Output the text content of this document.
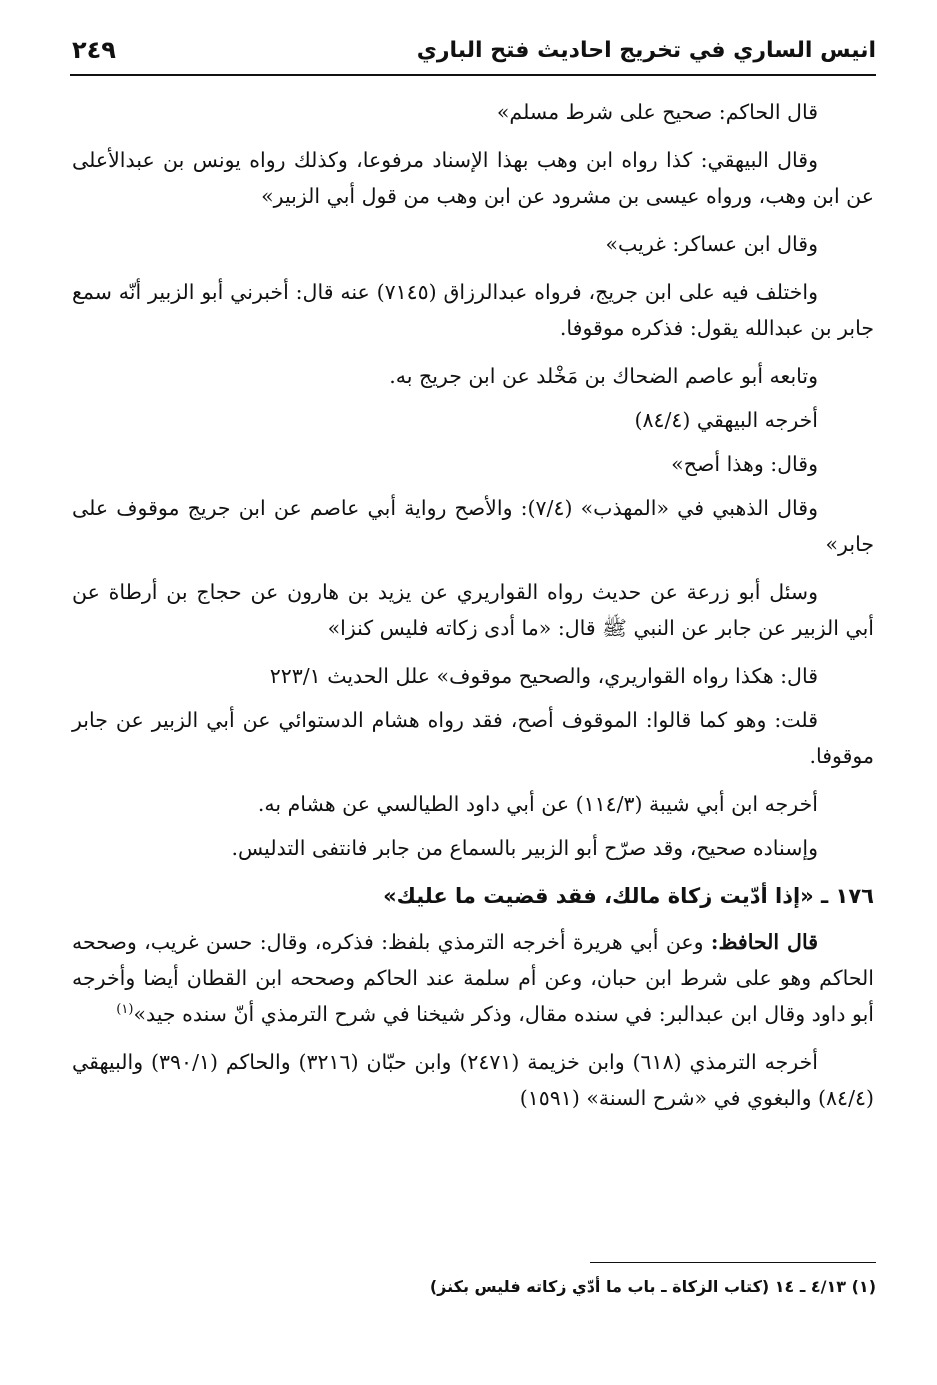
انيس الساري في تخريج احاديث فتح الباري
٢٤٩

قال الحاكم: صحيح على شرط مسلم»

وقال البيهقي: كذا رواه ابن وهب بهذا الإسناد مرفوعا، وكذلك رواه يونس بن عبدالأعلى عن ابن وهب، ورواه عيسى بن مشرود عن ابن وهب من قول أبي الزبير»

وقال ابن عساكر: غريب»

واختلف فيه على ابن جريج، فرواه عبدالرزاق (٧١٤٥) عنه قال: أخبرني أبو الزبير أنّه سمع جابر بن عبدالله يقول: فذكره موقوفا.

وتابعه أبو عاصم الضحاك بن مَخْلد عن ابن جريج به.

أخرجه البيهقي (٨٤/٤)

وقال: وهذا أصح»

وقال الذهبي في «المهذب» (٧/٤): والأصح رواية أبي عاصم عن ابن جريج موقوف على جابر»

وسئل أبو زرعة عن حديث رواه القواريري عن يزيد بن هارون عن حجاج بن أرطاة عن أبي الزبير عن جابر عن النبي ﷺ قال: «ما أدى زكاته فليس كنزا»

قال: هكذا رواه القواريري، والصحيح موقوف» علل الحديث ٢٢٣/١

قلت: وهو كما قالوا: الموقوف أصح، فقد رواه هشام الدستوائي عن أبي الزبير عن جابر موقوفا.

أخرجه ابن أبي شيبة (١١٤/٣) عن أبي داود الطيالسي عن هشام به.

وإسناده صحيح، وقد صرّح أبو الزبير بالسماع من جابر فانتفى التدليس.

١٧٦ ـ «إذا أدّيت زكاة مالك، فقد قضيت ما عليك»

قال الحافظ: وعن أبي هريرة أخرجه الترمذي بلفظ: فذكره، وقال: حسن غريب، وصححه الحاكم وهو على شرط ابن حبان، وعن أم سلمة عند الحاكم وصححه ابن القطان أيضا وأخرجه أبو داود وقال ابن عبدالبر: في سنده مقال، وذكر شيخنا في شرح الترمذي أنّ سنده جيد»$^{(١)}$

أخرجه الترمذي (٦١٨) وابن خزيمة (٢٤٧١) وابن حبّان (٣٢١٦) والحاكم (٣٩٠/١) والبيهقي (٨٤/٤) والبغوي في «شرح السنة» (١٥٩١)

(١) ٤/١٣ ـ ١٤ (كتاب الزكاة ـ باب ما أدّي زكاته فليس بكنز)
